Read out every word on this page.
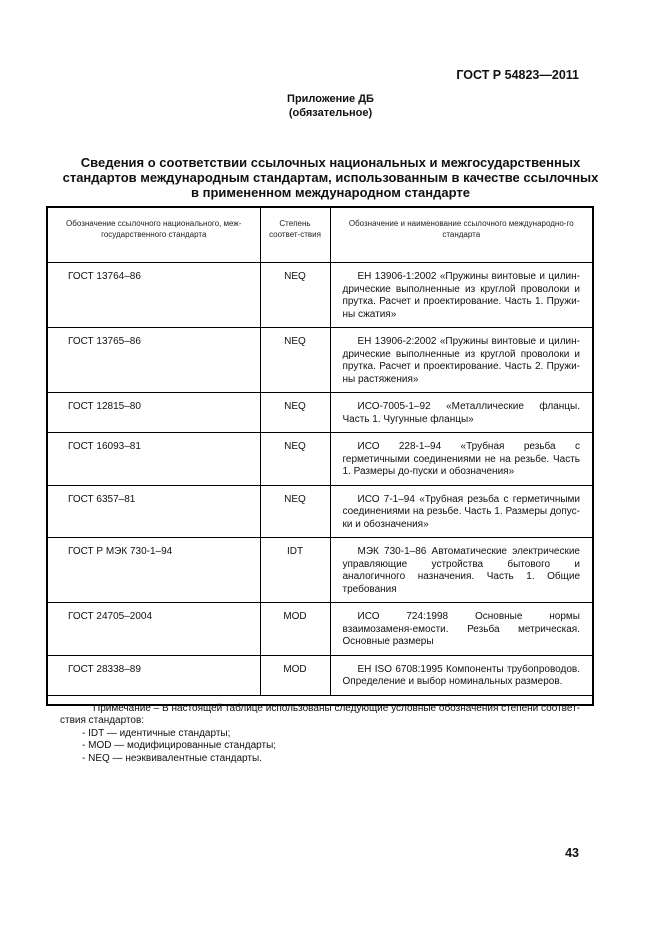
ГОСТ Р 54823—2011
Приложение ДБ
(обязательное)
Сведения о соответствии ссылочных национальных и межгосударственных стандартов международным стандартам, использованным в качестве ссылочных в примененном международном стандарте
Обозначение ссылочного национального, меж-государственного стандарта	Степень соответ-ствия	Обозначение и наименование ссылочного международно-го стандарта
ГОСТ 13764–86	NEQ	ЕН 13906-1:2002 «Пружины винтовые и цилин-дрические выполненные из круглой проволоки и прутка. Расчет и проектирование. Часть 1. Пружи-ны сжатия»

ГОСТ 13765–86	NEQ	ЕН 13906-2:2002 «Пружины винтовые и цилин-дрические выполненные из круглой проволоки и прутка. Расчет и проектирование. Часть 2. Пружи-ны растяжения»

ГОСТ 12815–80	NEQ	ИСО-7005-1–92 «Металлические фланцы. Часть 1. Чугунные фланцы»

ГОСТ 16093–81	NEQ	ИСО 228-1–94 «Трубная резьба с герметичными соединениями не на резьбе. Часть 1. Размеры до-пуски и обозначения»

ГОСТ 6357–81	NEQ	ИСО 7-1–94 «Трубная резьба с герметичными соединениями на резьбе. Часть 1. Размеры допус-ки и обозначения»

ГОСТ Р МЭК 730-1–94	IDT	МЭК 730-1–86 Автоматические электрические управляющие устройства бытового и аналогичного назначения. Часть 1. Общие требования

ГОСТ 24705–2004	MOD	ИСО 724:1998 Основные нормы взаимозаменя-емости. Резьба метрическая. Основные размеры

ГОСТ 28338–89	MOD	ЕН ISO 6708:1995 Компоненты трубопроводов. Определение и выбор номинальных размеров.

Примечание – В настоящей таблице использованы следующие условные обозначения степени соответ-ствия стандартов:
- IDT — идентичные стандарты;
- MOD — модифицированные стандарты;
- NEQ — неэквивалентные стандарты.		
43
